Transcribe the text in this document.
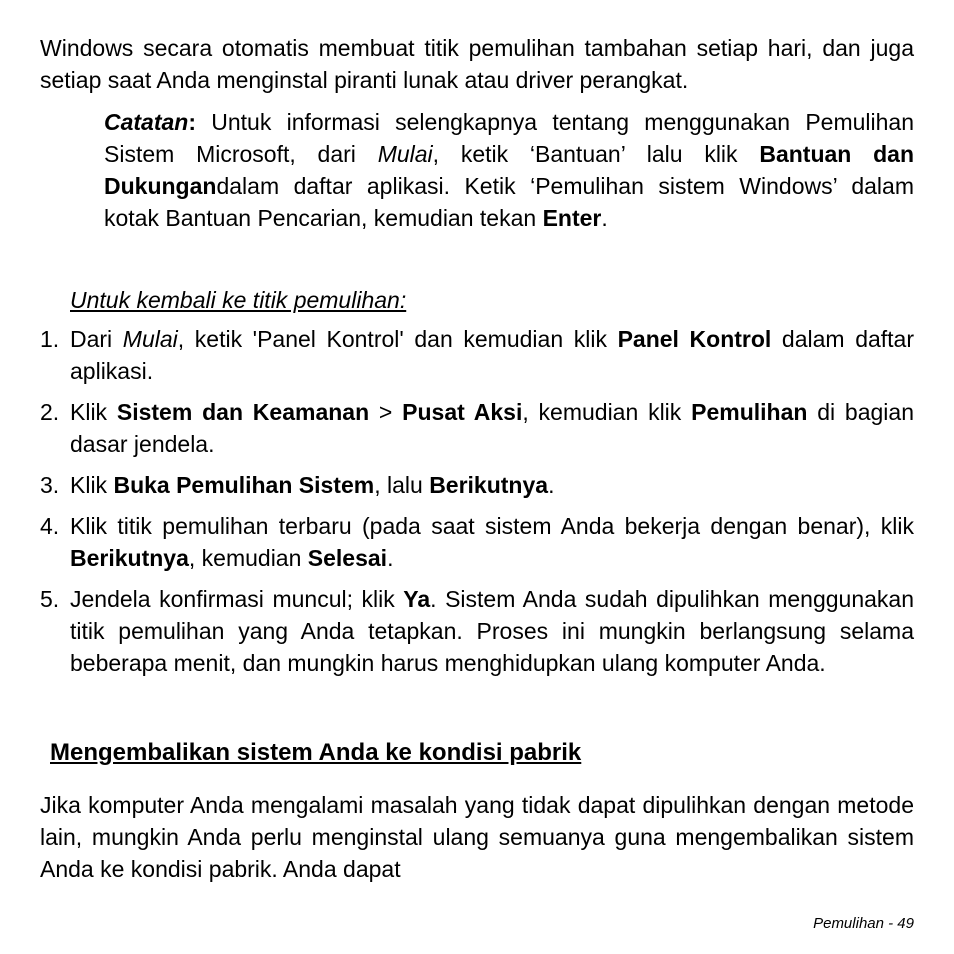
Windows secara otomatis membuat titik pemulihan tambahan setiap hari, dan juga setiap saat Anda menginstal piranti lunak atau driver perangkat.

Catatan: Untuk informasi selengkapnya tentang menggunakan Pemulihan Sistem Microsoft, dari Mulai, ketik ‘Bantuan’ lalu klik Bantuan dan Dukungandalam daftar aplikasi. Ketik ‘Pemulihan sistem Windows’ dalam kotak Bantuan Pencarian, kemudian tekan Enter.

Untuk kembali ke titik pemulihan:

1. Dari Mulai, ketik 'Panel Kontrol' dan kemudian klik Panel Kontrol dalam daftar aplikasi.
2. Klik Sistem dan Keamanan > Pusat Aksi, kemudian klik Pemulihan di bagian dasar jendela.
3. Klik Buka Pemulihan Sistem, lalu Berikutnya.
4. Klik titik pemulihan terbaru (pada saat sistem Anda bekerja dengan benar), klik Berikutnya, kemudian Selesai.
5. Jendela konfirmasi muncul; klik Ya. Sistem Anda sudah dipulihkan menggunakan titik pemulihan yang Anda tetapkan. Proses ini mungkin berlangsung selama beberapa menit, dan mungkin harus menghidupkan ulang komputer Anda.

Mengembalikan sistem Anda ke kondisi pabrik

Jika komputer Anda mengalami masalah yang tidak dapat dipulihkan dengan metode lain, mungkin Anda perlu menginstal ulang semuanya guna mengembalikan sistem Anda ke kondisi pabrik. Anda dapat

Pemulihan - 49
